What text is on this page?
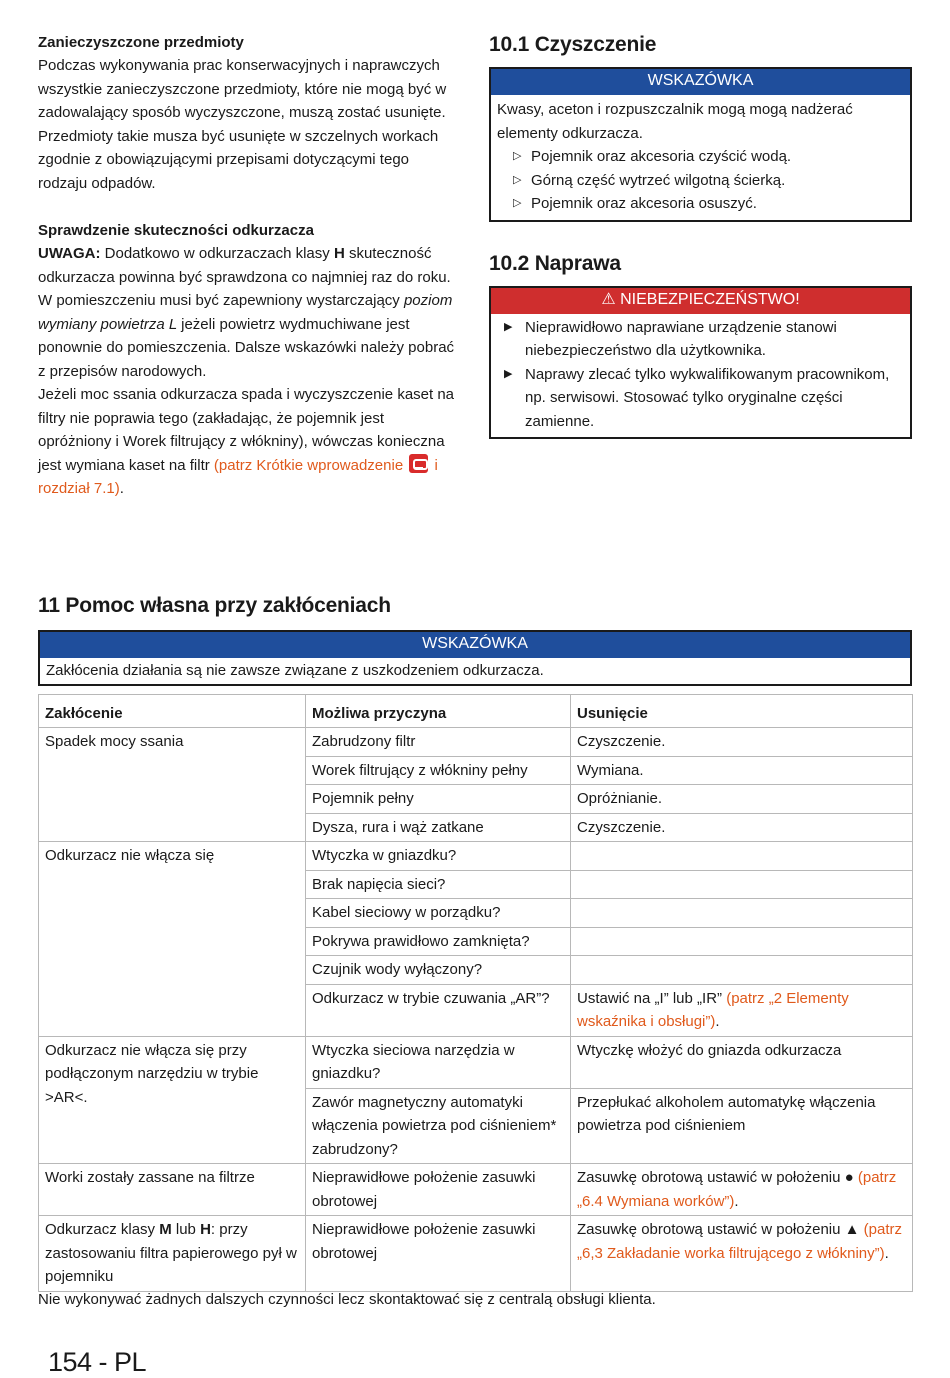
Zanieczyszczone przedmioty

Podczas wykonywania prac konserwacyjnych i naprawczych wszystkie zanieczyszczone przedmioty, które nie mogą być w zadowalający sposób wyczyszczone, muszą zostać usunięte. Przedmioty takie musza być usunięte w szczelnych workach zgodnie z obowiązującymi przepisami dotyczącymi tego rodzaju odpadów.

Sprawdzenie skuteczności odkurzacza

UWAGA: Dodatkowo w odkurzaczach klasy H skuteczność odkurzacza powinna być sprawdzona co najmniej raz do roku.

W pomieszczeniu musi być zapewniony wystarczający poziom wymiany powietrza L jeżeli powietrz wydmuchiwane jest ponownie do pomieszczenia. Dalsze wskazówki należy pobrać z przepisów narodowych.

Jeżeli moc ssania odkurzacza spada i wyczyszczenie kaset na filtry nie poprawia tego (zakładając, że pojemnik jest opróżniony i Worek filtrujący z włókniny), wówczas konieczna jest wymiana kaset na filtr (patrz Krótkie wprowadzenie  i rozdział 7.1).

10.1 Czyszczenie
WSKAZÓWKA

Kwasy, aceton i rozpuszczalnik mogą mogą nadżerać elementy odkurzacza.

▷ Pojemnik oraz akcesoria czyścić wodą.
▷ Górną część wytrzeć wilgotną ścierką.
▷ Pojemnik oraz akcesoria osuszyć.
10.2 Naprawa
⚠ NIEBEZPIECZEŃSTWO!
▶ Nieprawidłowo naprawiane urządzenie stanowi niebezpieczeństwo dla użytkownika.
▶ Naprawy zlecać tylko wykwalifikowanym pracownikom, np. serwisowi. Stosować tylko oryginalne części zamienne.
11 Pomoc własna przy zakłóceniach
WSKAZÓWKA

Zakłócenia działania są nie zawsze związane z uszkodzeniem odkurzacza.

Zakłócenie	Możliwa przyczyna	Usunięcie
Spadek mocy ssania	Zabrudzony filtr	Czyszczenie.
	Worek filtrujący z włókniny pełny	Wymiana.
	Pojemnik pełny	Opróżnianie.
	Dysza, rura i wąż zatkane	Czyszczenie.
Odkurzacz nie włącza się	Wtyczka w gniazdku?	
	Brak napięcia sieci?	
	Kabel sieciowy w porządku?	
	Pokrywa prawidłowo zamknięta?	
	Czujnik wody wyłączony?	
	Odkurzacz w trybie czuwania „AR”?	Ustawić na „I” lub „IR” (patrz „2 Elementy wskaźnika i obsługi”).
Odkurzacz nie włącza się przy podłączonym narzędziu w trybie >AR<.	Wtyczka sieciowa narzędzia w gniazdku?	Wtyczkę włożyć do gniazda odkurzacza
	Zawór magnetyczny automatyki włączenia powietrza pod ciśnieniem* zabrudzony?	Przepłukać alkoholem automatykę włączenia powietrza pod ciśnieniem
Worki zostały zassane na filtrze	Nieprawidłowe położenie zasuwki obrotowej	Zasuwkę obrotową ustawić w położeniu ● (patrz „6.4 Wymiana worków”).
Odkurzacz klasy M lub H: przy zastosowaniu filtra papierowego pył w pojemniku	Nieprawidłowe położenie zasuwki obrotowej	Zasuwkę obrotową ustawić w położeniu ▲ (patrz „6,3 Zakładanie worka filtrującego z włókniny”).

Nie wykonywać żadnych dalszych czynności lecz skontaktować się z centralą obsługi klienta.

154 - PL
